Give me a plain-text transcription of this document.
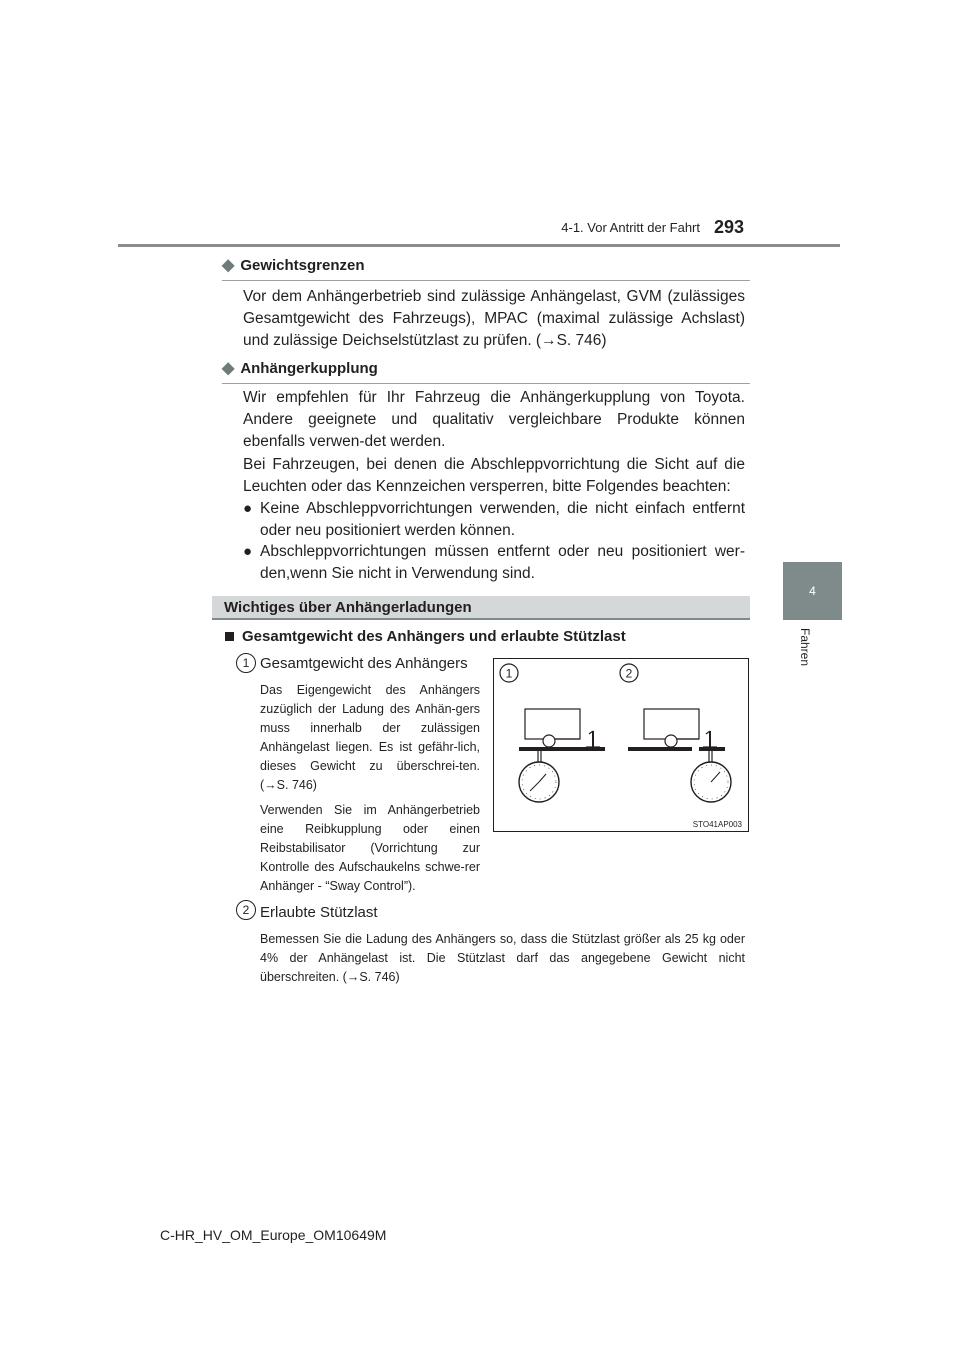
4-1. Vor Antritt der Fahrt 293
4
Fahren
◆ Gewichtsgrenzen
Vor dem Anhängerbetrieb sind zulässige Anhängelast, GVM (zulässiges Gesamtgewicht des Fahrzeugs), MPAC (maximal zulässige Achslast) und zulässige Deichselstützlast zu prüfen. (→S. 746)
◆ Anhängerkupplung
Wir empfehlen für Ihr Fahrzeug die Anhängerkupplung von Toyota. Andere geeignete und qualitativ vergleichbare Produkte können ebenfalls verwen-det werden.
Bei Fahrzeugen, bei denen die Abschleppvorrichtung die Sicht auf die Leuchten oder das Kennzeichen versperren, bitte Folgendes beachten:
● Keine Abschleppvorrichtungen verwenden, die nicht einfach entfernt oder neu positioniert werden können.
● Abschleppvorrichtungen müssen entfernt oder neu positioniert wer-den,wenn Sie nicht in Verwendung sind.
Wichtiges über Anhängerladungen
Gesamtgewicht des Anhängers und erlaubte Stützlast
1 Gesamtgewicht des Anhängers
Das Eigengewicht des Anhängers zuzüglich der Ladung des Anhän-gers muss innerhalb der zulässigen Anhängelast liegen. Es ist gefähr-lich, dieses Gewicht zu überschrei-ten. (→S. 746)
Verwenden Sie im Anhängerbetrieb eine Reibkupplung oder einen Reibstabilisator (Vorrichtung zur Kontrolle des Aufschaukelns schwe-rer Anhänger - “Sway Control”).
1	2
STO41AP003
2 Erlaubte Stützlast
Bemessen Sie die Ladung des Anhängers so, dass die Stützlast größer als 25 kg oder 4% der Anhängelast ist. Die Stützlast darf das angegebene Gewicht nicht überschreiten. (→S. 746)
C-HR_HV_OM_Europe_OM10649M
